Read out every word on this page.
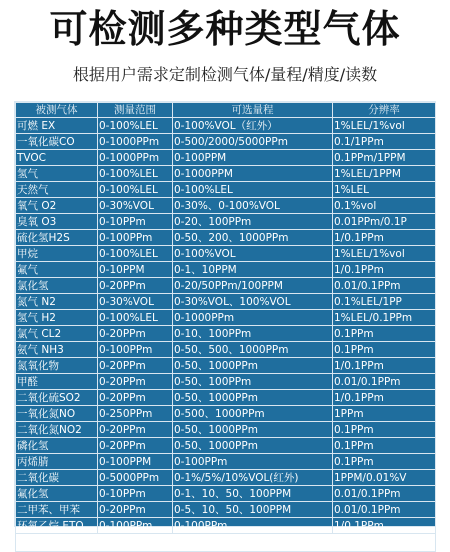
可检测多种类型气体
根据用户需求定制检测气体/量程/精度/读数
被测气体	测量范围	可选量程	分辨率
可燃 EX	0-100%LEL	0-100%VOL（红外）	1%LEL/1%vol
一氧化碳CO	0-1000PPm	0-500/2000/5000PPm	0.1/1PPm
TVOC	0-1000PPm	0-100PPM	0.1PPm/1PPM
氢气	0-100%LEL	0-1000PPM	1%LEL/1PPM
天然气	0-100%LEL	0-100%LEL	1%LEL
氧气 O2	0-30%VOL	0-30%、0-100%VOL	0.1%vol
臭氧 O3	0-10PPm	0-20、100PPm	0.01PPm/0.1P
硫化氢H2S	0-100PPm	0-50、200、1000PPm	1/0.1PPm
甲烷	0-100%LEL	0-100%VOL	1%LEL/1%vol
氟气	0-10PPM	0-1、10PPM	1/0.1PPm
氯化氢	0-20PPm	0-20/50PPm/100PPM	0.01/0.1PPm
氮气 N2	0-30%VOL	0-30%VOL、100%VOL	0.1%LEL/1PP
氢气 H2	0-100%LEL	0-1000PPm	1%LEL/0.1PPm
氯气 CL2	0-20PPm	0-10、100PPm	0.1PPm
氨气 NH3	0-100PPm	0-50、500、1000PPm	0.1PPm
氮氧化物	0-20PPm	0-50、1000PPm	1/0.1PPm
甲醛	0-20PPm	0-50、100PPm	0.01/0.1PPm
二氧化硫SO2	0-20PPm	0-50、1000PPm	1/0.1PPm
一氧化氮NO	0-250PPm	0-500、1000PPm	1PPm
二氧化氮NO2	0-20PPm	0-50、1000PPm	0.1PPm
磷化氢	0-20PPm	0-50、1000PPm	0.1PPm
丙烯腈	0-100PPM	0-100PPm	0.1PPm
二氧化碳	0-5000PPm	0-1%/5%/10%VOL(红外)	1PPM/0.01%V
氟化氢	0-10PPm	0-1、10、50、100PPM	0.01/0.1PPm
二甲苯、甲苯	0-20PPm	0-5、10、50、100PPM	0.01/0.1PPm
环氧乙烷 ETO	0-100PPm	0-100PPm	1/0.1PPm
未列气体请联系客服			
